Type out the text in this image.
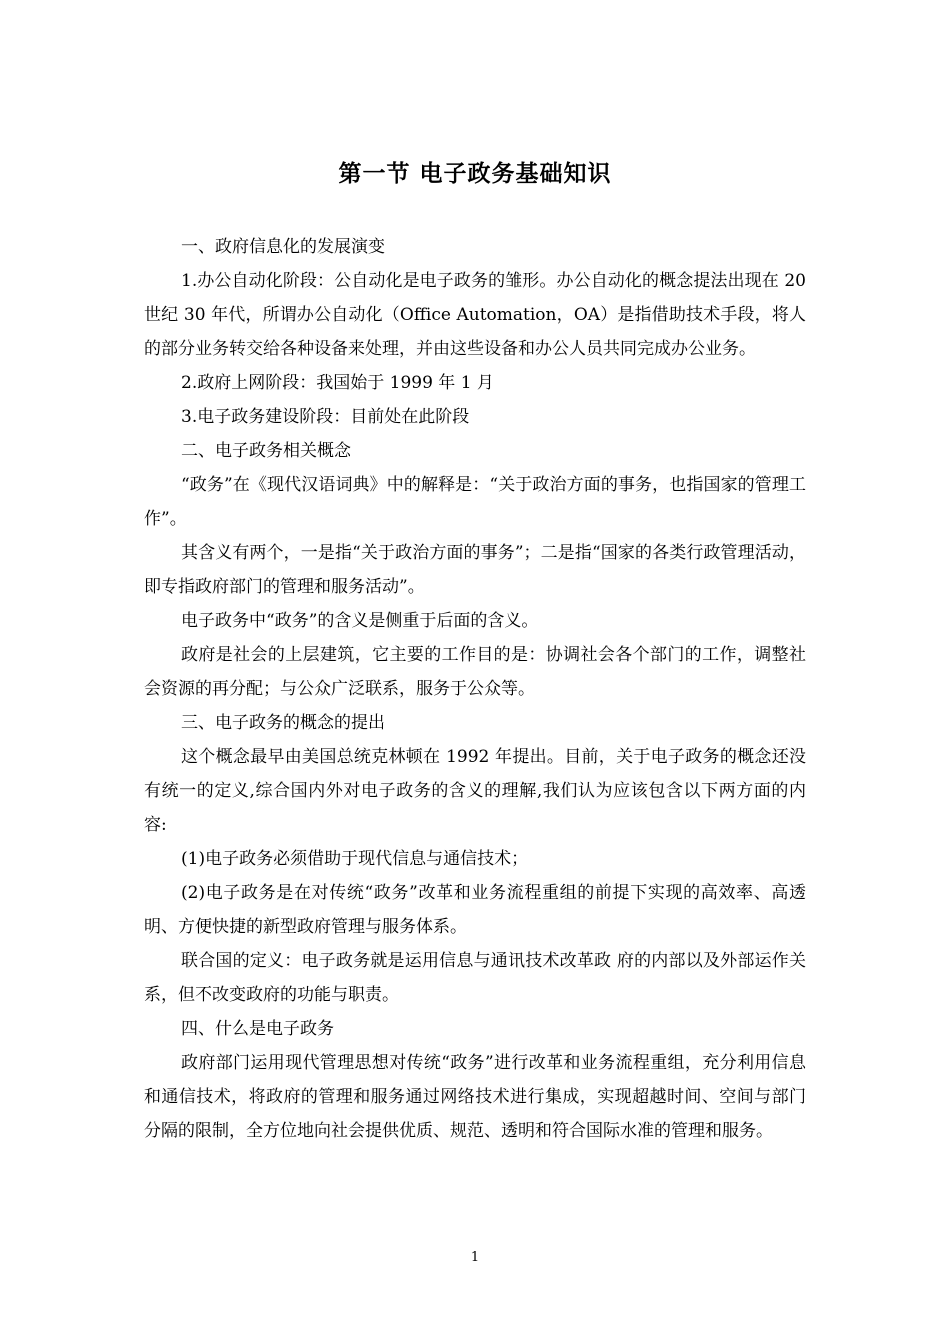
第一节 电子政务基础知识

一、政府信息化的发展演变

1.办公自动化阶段：公自动化是电子政务的雏形。办公自动化的概念提法出现在 20 世纪 30 年代，所谓办公自动化（Office Automation，OA）是指借助技术手段，将人的部分业务转交给各种设备来处理，并由这些设备和办公人员共同完成办公业务。

2.政府上网阶段：我国始于 1999 年 1 月

3.电子政务建设阶段：目前处在此阶段

二、电子政务相关概念

“政务”在《现代汉语词典》中的解释是：“关于政治方面的事务，也指国家的管理工作”。

其含义有两个，一是指“关于政治方面的事务”；二是指“国家的各类行政管理活动，即专指政府部门的管理和服务活动”。

电子政务中“政务”的含义是侧重于后面的含义。

政府是社会的上层建筑，它主要的工作目的是：协调社会各个部门的工作，调整社会资源的再分配；与公众广泛联系，服务于公众等。

三、电子政务的概念的提出

这个概念最早由美国总统克林顿在 1992 年提出。目前，关于电子政务的概念还没有统一的定义,综合国内外对电子政务的含义的理解,我们认为应该包含以下两方面的内容:

(1)电子政务必须借助于现代信息与通信技术；

(2)电子政务是在对传统“政务”改革和业务流程重组的前提下实现的高效率、高透明、方便快捷的新型政府管理与服务体系。

联合国的定义：电子政务就是运用信息与通讯技术改革政 府的内部以及外部运作关系，但不改变政府的功能与职责。

四、什么是电子政务

政府部门运用现代管理思想对传统“政务”进行改革和业务流程重组，充分利用信息和通信技术，将政府的管理和服务通过网络技术进行集成，实现超越时间、空间与部门分隔的限制，全方位地向社会提供优质、规范、透明和符合国际水准的管理和服务。

1
